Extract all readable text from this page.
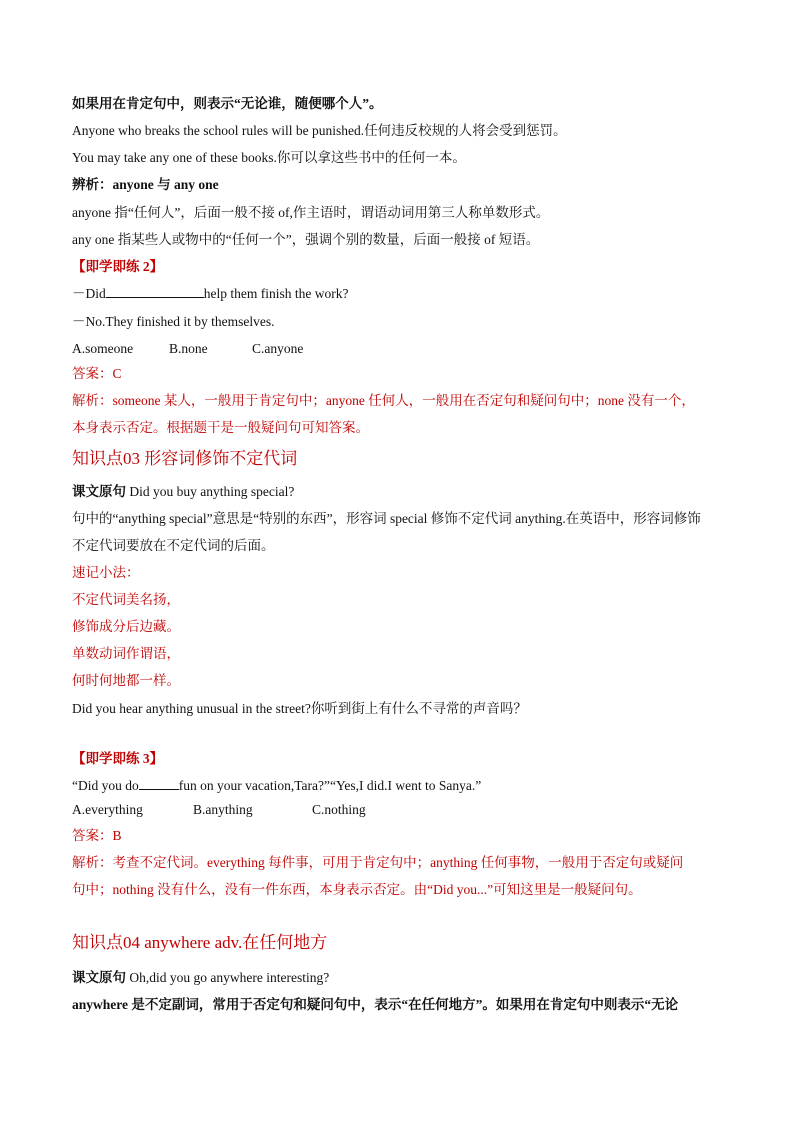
如果用在肯定句中，则表示“无论谁，随便哪个人”。
Anyone who breaks the school rules will be punished.任何违反校规的人将会受到惩罚。
You may take any one of these books.你可以拿这些书中的任何一本。
辨析：anyone 与 any one
anyone 指“任何人”，后面一般不接 of,作主语时，谓语动词用第三人称单数形式。
any one 指某些人或物中的“任何一个”，强调个别的数量，后面一般接 of 短语。
【即学即练 2】
－Did	help them finish the work?
－No.They finished it by themselves.
A.someone	B.none	C.anyone
答案：C
解析：someone 某人，一般用于肯定句中；anyone 任何人，一般用在否定句和疑问句中；none 没有一个，
本身表示否定。根据题干是一般疑问句可知答案。
知识点03 形容词修饰不定代词
课文原句 Did you buy anything special?
句中的“anything special”意思是“特别的东西”，形容词 special 修饰不定代词 anything.在英语中，形容词修饰
不定代词要放在不定代词的后面。
速记小法：
不定代词美名扬，
修饰成分后边藏。
单数动词作谓语，
何时何地都一样。
Did you hear anything unusual in the street?你听到街上有什么不寻常的声音吗？
【即学即练 3】
“Did you do	fun on your vacation,Tara?”“Yes,I did.I went to Sanya.”
A.everything	B.anything	C.nothing
答案：B
解析：考查不定代词。everything 每件事，可用于肯定句中；anything 任何事物，一般用于否定句或疑问
句中；nothing 没有什么，没有一件东西，本身表示否定。由“Did you...”可知这里是一般疑问句。
知识点04 anywhere adv.在任何地方
课文原句 Oh,did you go anywhere interesting?
anywhere 是不定副词，常用于否定句和疑问句中，表示“在任何地方”。如果用在肯定句中则表示“无论
